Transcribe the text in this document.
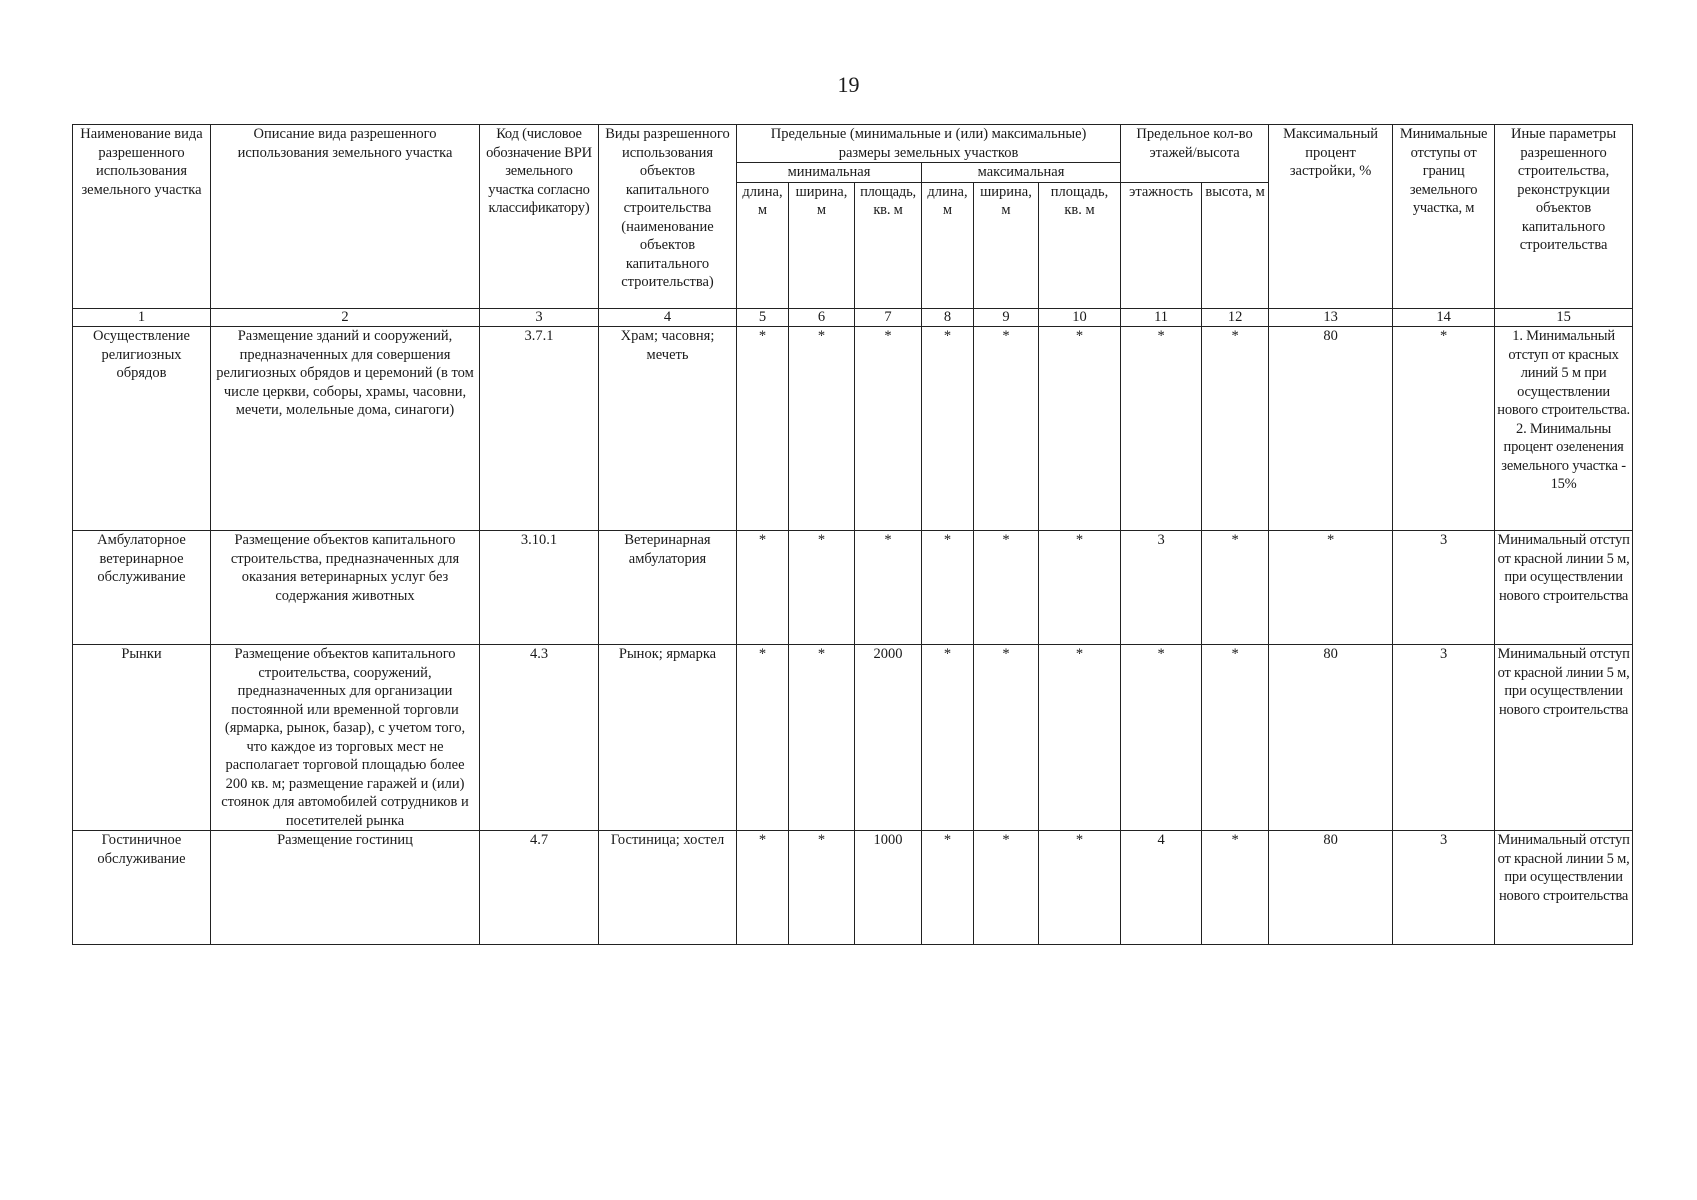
19
Наименование вида разрешенного использования земельного участка	Описание вида разрешенного использования земельного участка	Код (числовое обозначение ВРИ земельного участка согласно классификатору)	Виды разрешенного использования объектов капитального строительства (наименование объектов капитального строительства)	Предельные (минимальные и (или) максимальные) размеры земельных участков						Предельное кол-во этажей/высота		Максимальный процент застройки, %	Минимальные отступы от границ земельного участка, м	Иные параметры разрешенного строительства, реконструкции объектов капитального строительства
				минимальная			максимальная							
				длина, м	ширина, м	площадь, кв. м	длина, м	ширина, м	площадь, кв. м	этажность	высота, м			
1	2	3	4	5	6	7	8	9	10	11	12	13	14	15
Осуществление религиозных обрядов	Размещение зданий и сооружений, предназначенных для совершения религиозных обрядов и церемоний (в том числе церкви, соборы, храмы, часовни, мечети, молельные дома, синагоги)	3.7.1	Храм; часовня; мечеть	*	*	*	*	*	*	*	*	80	*	1. Минимальный отступ от красных линий 5 м при осуществлении нового строительства. 2. Минимальны процент озеленения земельного участка - 15%
Амбулаторное ветеринарное обслуживание	Размещение объектов капитального строительства, предназначенных для оказания ветеринарных услуг без содержания животных	3.10.1	Ветеринарная амбулатория	*	*	*	*	*	*	3	*	*	3	Минимальный отступ от красной линии 5 м, при осуществлении нового строительства
Рынки	Размещение объектов капитального строительства, сооружений, предназначенных для организации постоянной или временной торговли (ярмарка, рынок, базар), с учетом того, что каждое из торговых мест не располагает торговой площадью более 200 кв. м; размещение гаражей и (или) стоянок для автомобилей сотрудников и посетителей рынка	4.3	Рынок; ярмарка	*	*	2000	*	*	*	*	*	80	3	Минимальный отступ от красной линии 5 м, при осуществлении нового строительства
Гостиничное обслуживание	Размещение гостиниц	4.7	Гостиница; хостел	*	*	1000	*	*	*	4	*	80	3	Минимальный отступ от красной линии 5 м, при осуществлении нового строительства
